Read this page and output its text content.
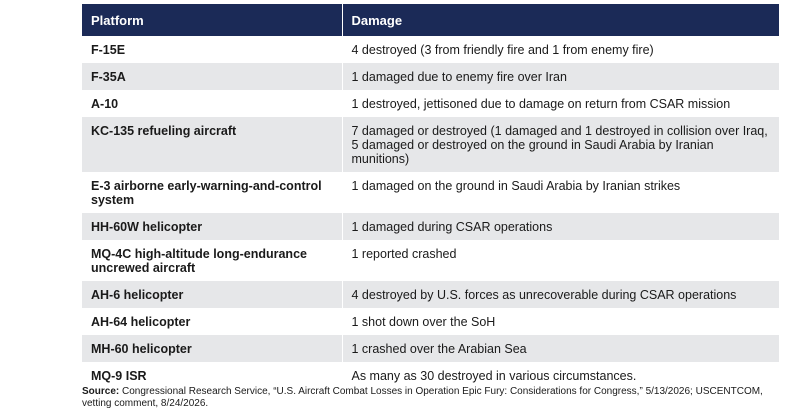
Platform	Damage
F-15E	4 destroyed (3 from friendly fire and 1 from enemy fire)
F-35A	1 damaged due to enemy fire over Iran
A-10	1 destroyed, jettisoned due to damage on return from CSAR mission
KC-135 refueling aircraft	7 damaged or destroyed (1 damaged and 1 destroyed in collision over Iraq, 5 damaged or destroyed on the ground in Saudi Arabia by Iranian munitions)
E-3 airborne early-warning-and-control system	1 damaged on the ground in Saudi Arabia by Iranian strikes
HH-60W helicopter	1 damaged during CSAR operations
MQ-4C high-altitude long-endurance uncrewed aircraft	1 reported crashed
AH-6 helicopter	4 destroyed by U.S. forces as unrecoverable during CSAR operations
AH-64 helicopter	1 shot down over the SoH
MH-60 helicopter	1 crashed over the Arabian Sea
MQ-9 ISR	As many as 30 destroyed in various circumstances.
Source: Congressional Research Service, “U.S. Aircraft Combat Losses in Operation Epic Fury: Considerations for Congress,” 5/13/2026; USCENTCOM, vetting comment, 8/24/2026.
